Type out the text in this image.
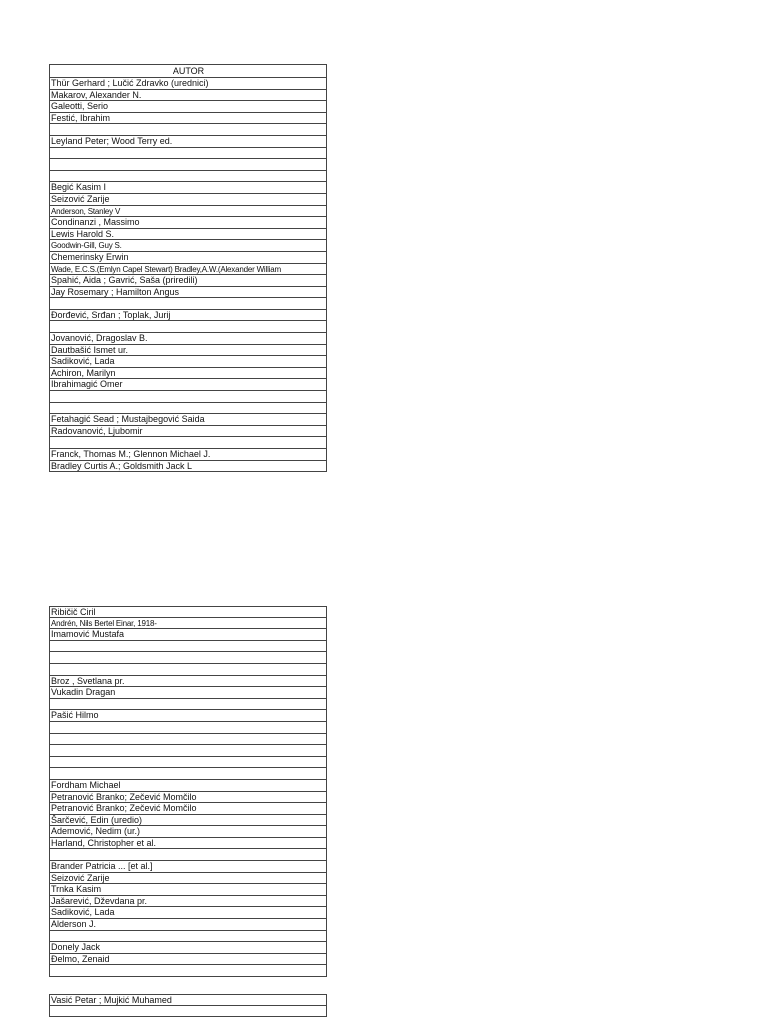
AUTOR
Thür Gerhard ; Lučić Zdravko (urednici)
Makarov, Alexander N.
Galeotti, Serio
Festić, Ibrahim
Leyland Peter; Wood Terry ed.
Begić Kasim I
Seizović Zarije
Anderson, Stanley V
Condinanzi , Massimo
Lewis Harold S.
Goodwin-Gill, Guy S.
Chemerinsky Erwin
Wade, E.C.S.(Emlyn Capel Stewart) Bradley,A.W.(Alexander William
Spahić, Aida ; Gavrić, Saša (priredili)
Jay Rosemary ; Hamilton Angus
Đorđević, Srđan ; Toplak, Jurij
Jovanović, Dragoslav B.
Dautbašić Ismet ur.
Sadiković, Lada
Achiron, Marilyn
Ibrahimagić Omer
Fetahagić Sead ; Mustajbegović Saida
Radovanović, Ljubomir
Franck, Thomas M.; Glennon Michael J.
Bradley Curtis A.; Goldsmith Jack L
Ribičič Ciril
Andrén, Nils Bertel Einar, 1918-
Imamović Mustafa
Broz , Svetlana pr.
Vukadin Dragan
Pašić Hilmo
Fordham Michael
Petranović Branko; Zečević Momčilo
Petranović Branko; Zečević Momčilo
Šarčević, Edin (uredio)
Ademović, Nedim (ur.)
Harland, Christopher et al.
Brander Patricia ... [et al.]
Seizović Zarije
Trnka Kasim
Jašarević, Dževdana pr.
Sadiković, Lada
Alderson J.
Donely Jack
Đelmo, Zenaid
Vasić Petar ; Mujkić Muhamed
